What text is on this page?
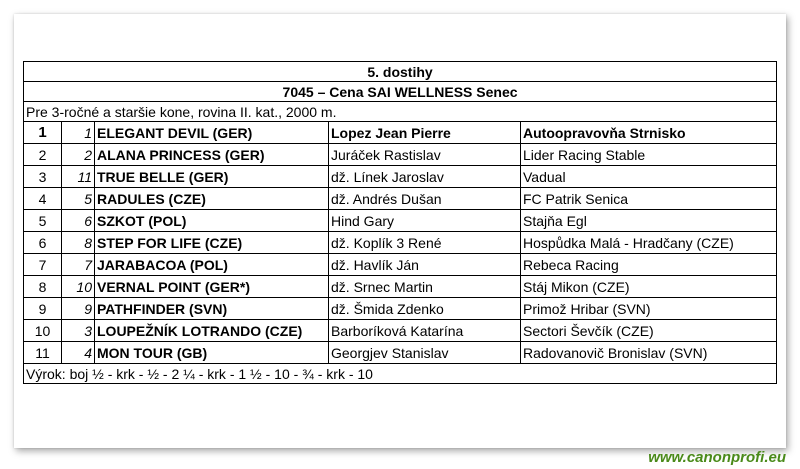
5. dostihy				
7045 – Cena SAI WELLNESS Senec				
Pre 3-ročné a staršie kone, rovina II. kat., 2000 m.				
1	1	ELEGANT DEVIL (GER)	Lopez Jean Pierre	Autoopravovňa Strnisko
2	2	ALANA PRINCESS (GER)	Juráček Rastislav	Lider Racing Stable
3	11	TRUE BELLE (GER)	dž. Línek Jaroslav	Vadual
4	5	RADULES (CZE)	dž. Andrés Dušan	FC Patrik Senica
5	6	SZKOT (POL)	Hind Gary	Stajňa Egl
6	8	STEP FOR LIFE (CZE)	dž. Koplík 3 René	Hospůdka Malá - Hradčany (CZE)
7	7	JARABACOA (POL)	dž. Havlík Ján	Rebeca Racing
8	10	VERNAL POINT (GER*)	dž. Srnec Martin	Stáj Mikon (CZE)
9	9	PATHFINDER (SVN)	dž. Šmida Zdenko	Primož Hribar (SVN)
10	3	LOUPEŽNÍK LOTRANDO (CZE)	Barboríková Katarína	Sectori Ševčík (CZE)
11	4	MON TOUR (GB)	Georgjev Stanislav	Radovanovič Bronislav (SVN)
Výrok: boj ½ - krk - ½ - 2 ¼ - krk - 1 ½ - 10 - ¾ - krk - 10				
www.canonprofi.eu
